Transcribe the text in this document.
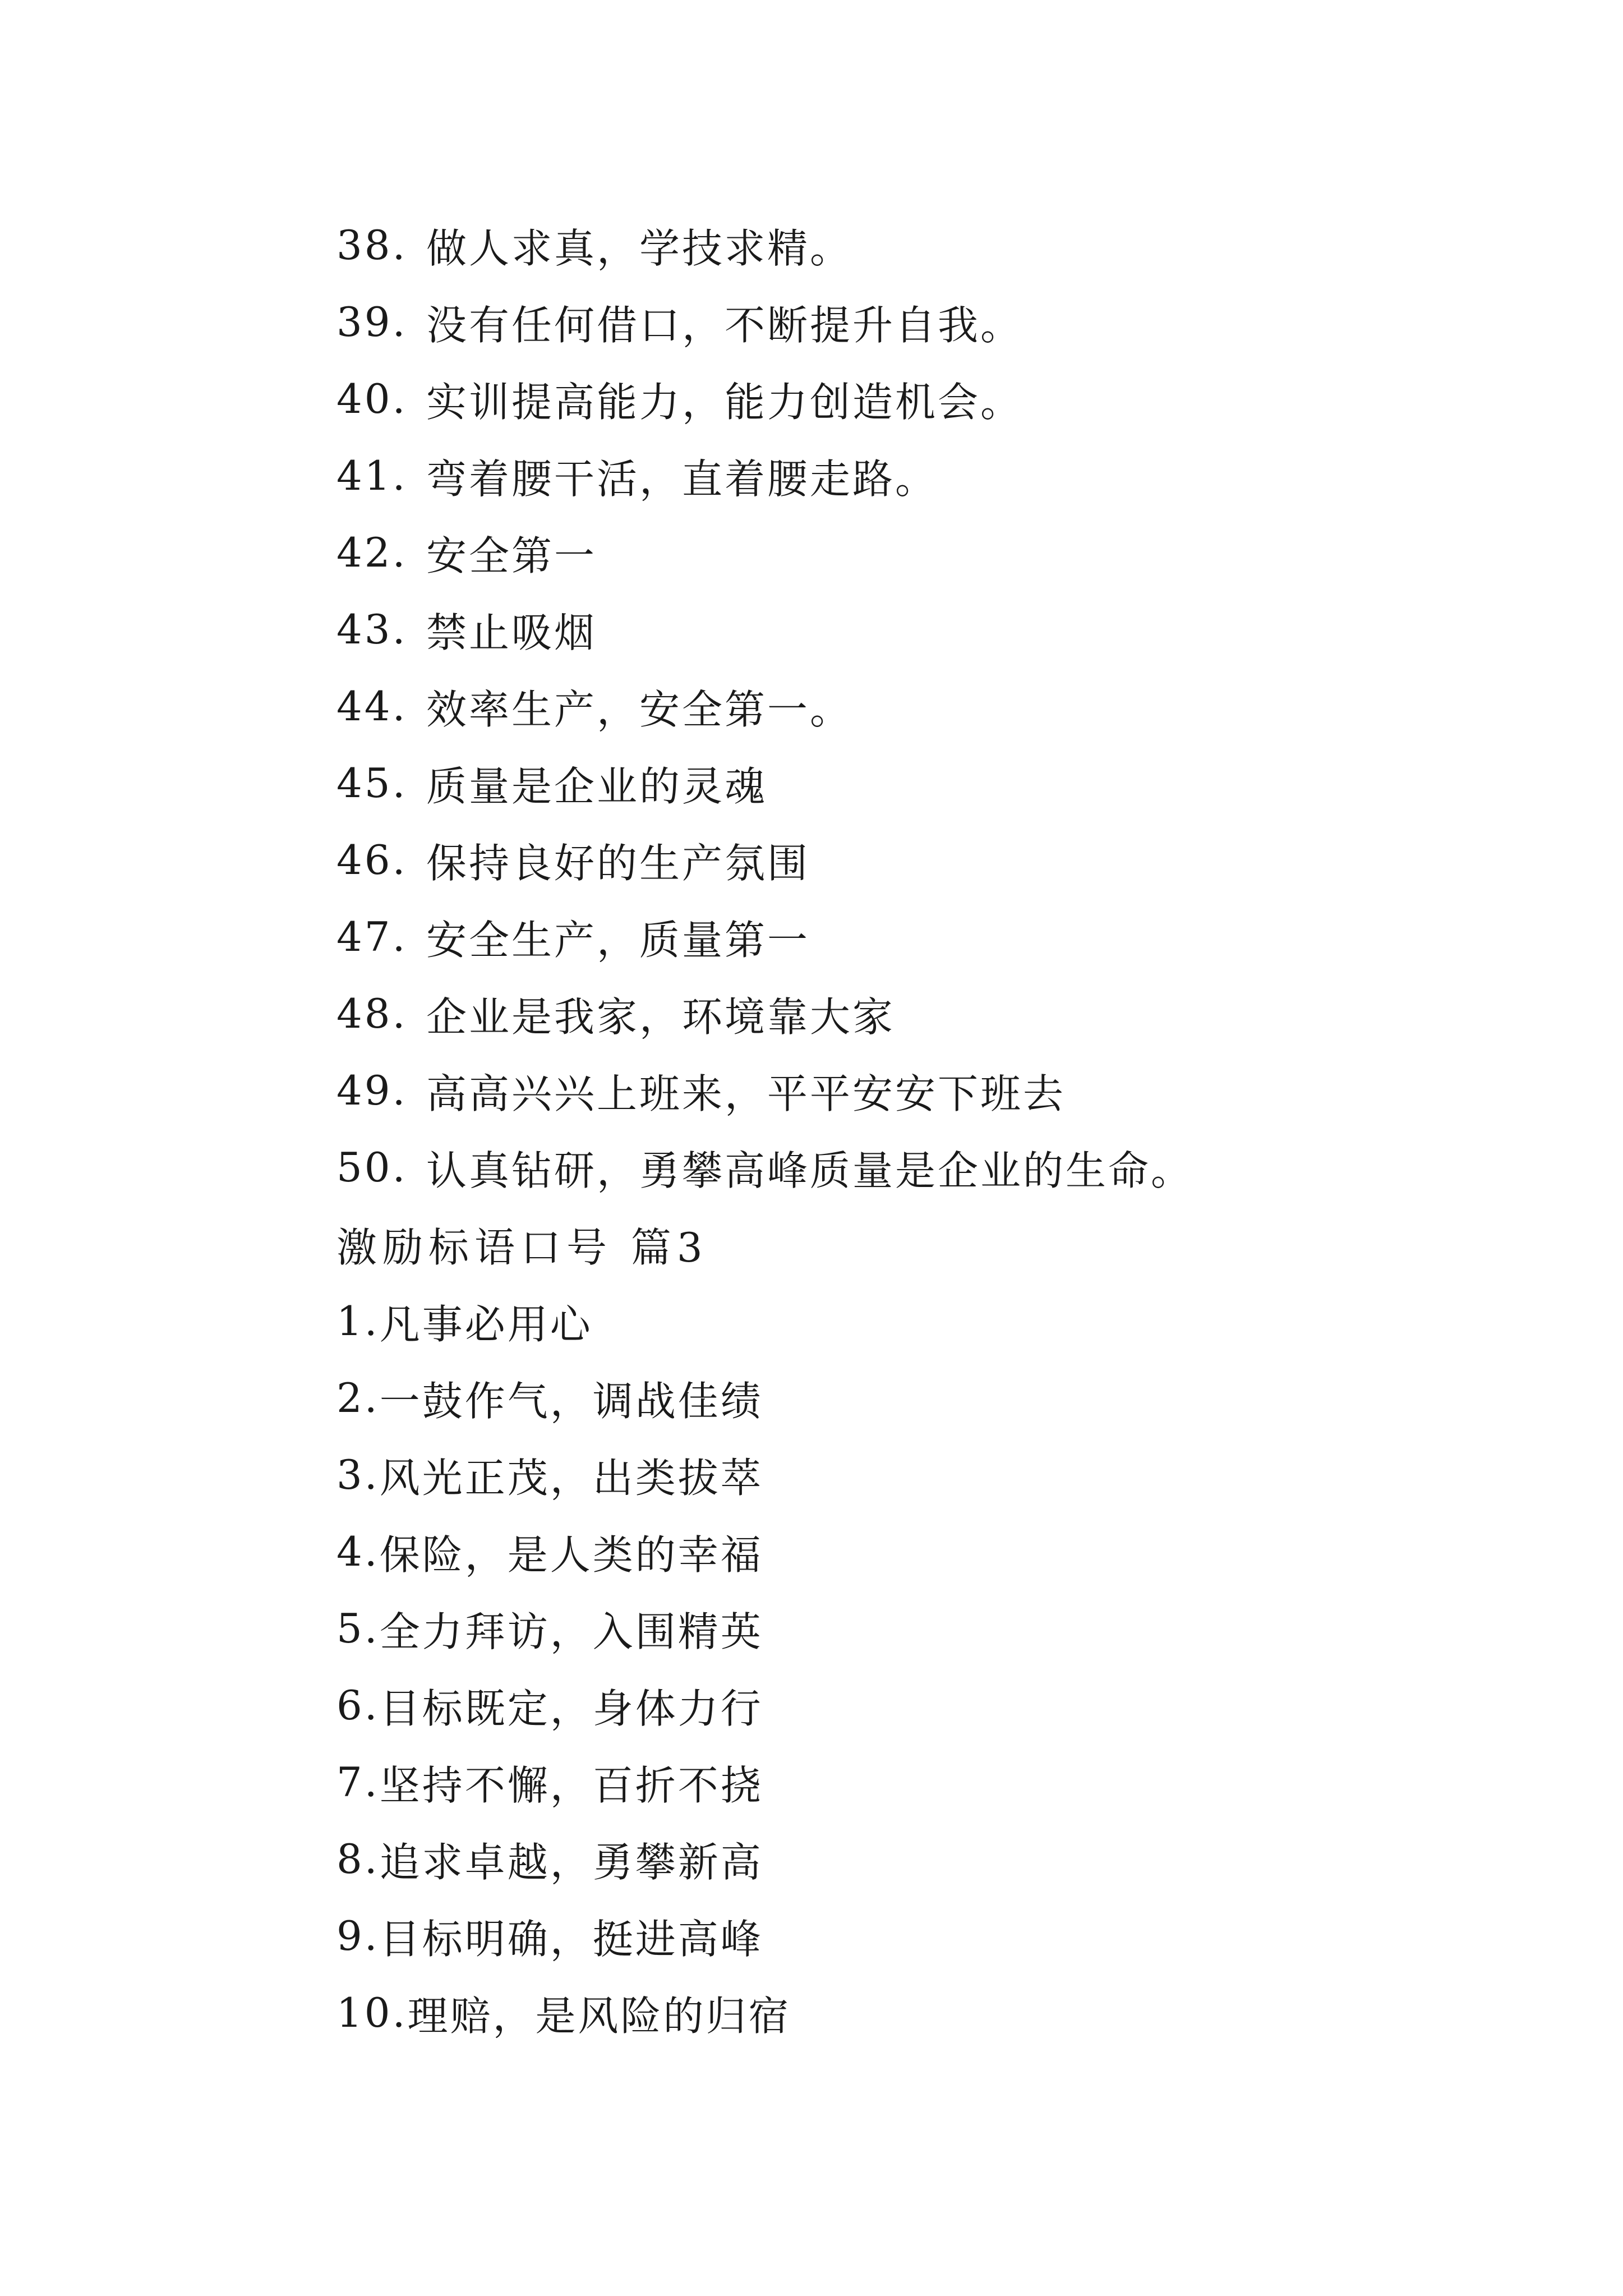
38. 做人求真，学技求精。
39. 没有任何借口，不断提升自我。
40. 实训提高能力，能力创造机会。
41. 弯着腰干活，直着腰走路。
42. 安全第一
43. 禁止吸烟
44. 效率生产，安全第一。
45. 质量是企业的灵魂
46. 保持良好的生产氛围
47. 安全生产，质量第一
48. 企业是我家，环境靠大家
49. 高高兴兴上班来，平平安安下班去
50. 认真钻研，勇攀高峰质量是企业的生命。
激励标语口号 篇3
1. 凡事必用心
2. 一鼓作气，调战佳绩
3. 风光正茂，出类拔萃
4. 保险，是人类的幸福
5. 全力拜访，入围精英
6. 目标既定，身体力行
7. 坚持不懈，百折不挠
8. 追求卓越，勇攀新高
9. 目标明确，挺进高峰
10. 理赔，是风险的归宿
